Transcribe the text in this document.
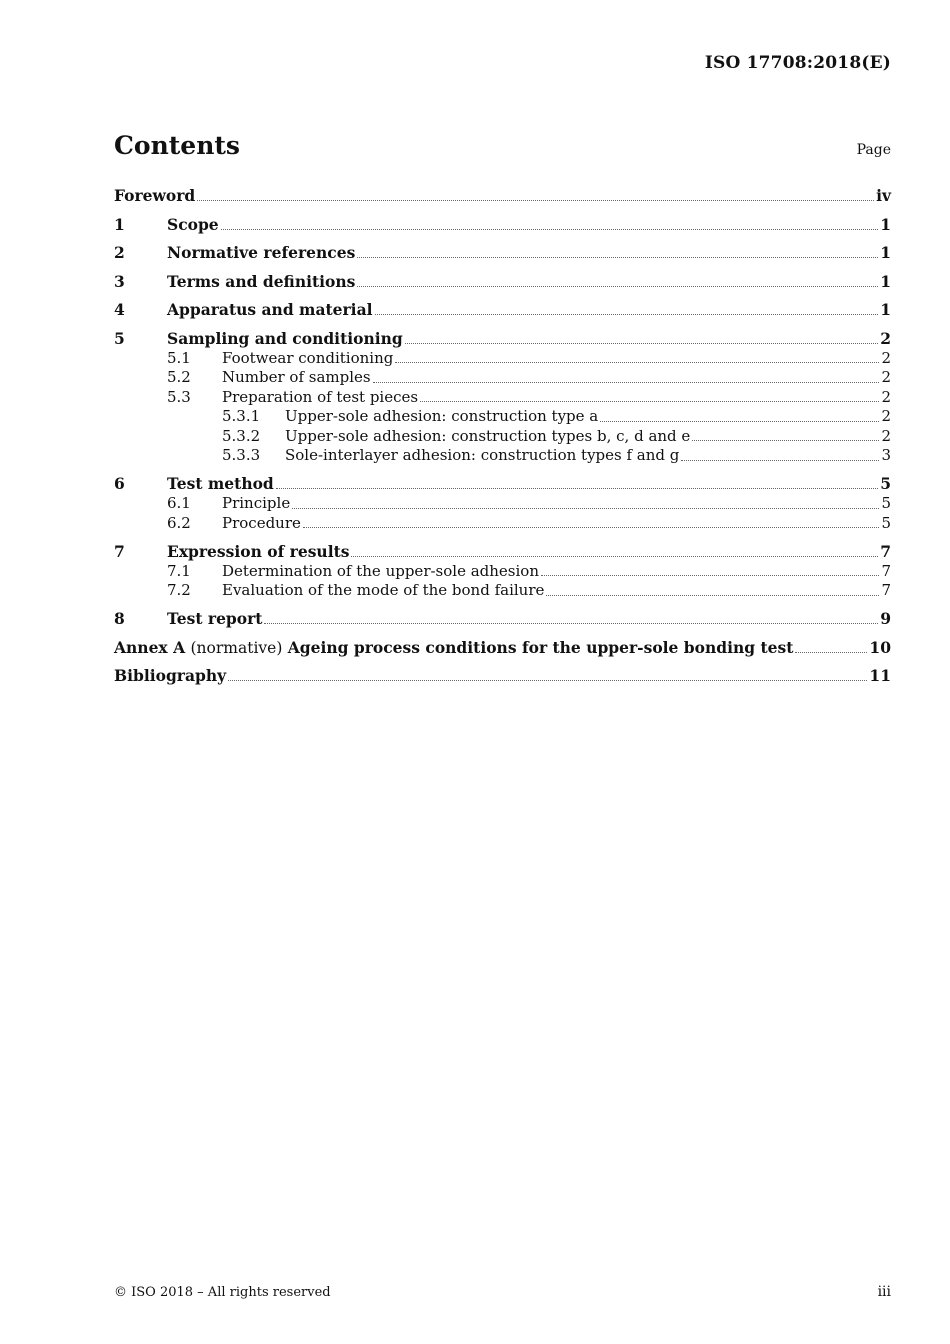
ISO 17708:2018(E)
Contents	Page
Foreword	iv
1	Scope	1
2	Normative references	1
3	Terms and definitions	1
4	Apparatus and material	1
5	Sampling and conditioning	2
5.1	Footwear conditioning	2
5.2	Number of samples	2
5.3	Preparation of test pieces	2
5.3.1	Upper-sole adhesion: construction type a	2
5.3.2	Upper-sole adhesion: construction types b, c, d and e	2
5.3.3	Sole-interlayer adhesion: construction types f and g	3
6	Test method	5
6.1	Principle	5
6.2	Procedure	5
7	Expression of results	7
7.1	Determination of the upper-sole adhesion	7
7.2	Evaluation of the mode of the bond failure	7
8	Test report	9
Annex A (normative) Ageing process conditions for the upper-sole bonding test	10
Bibliography	11
© ISO 2018 – All rights reserved	iii
